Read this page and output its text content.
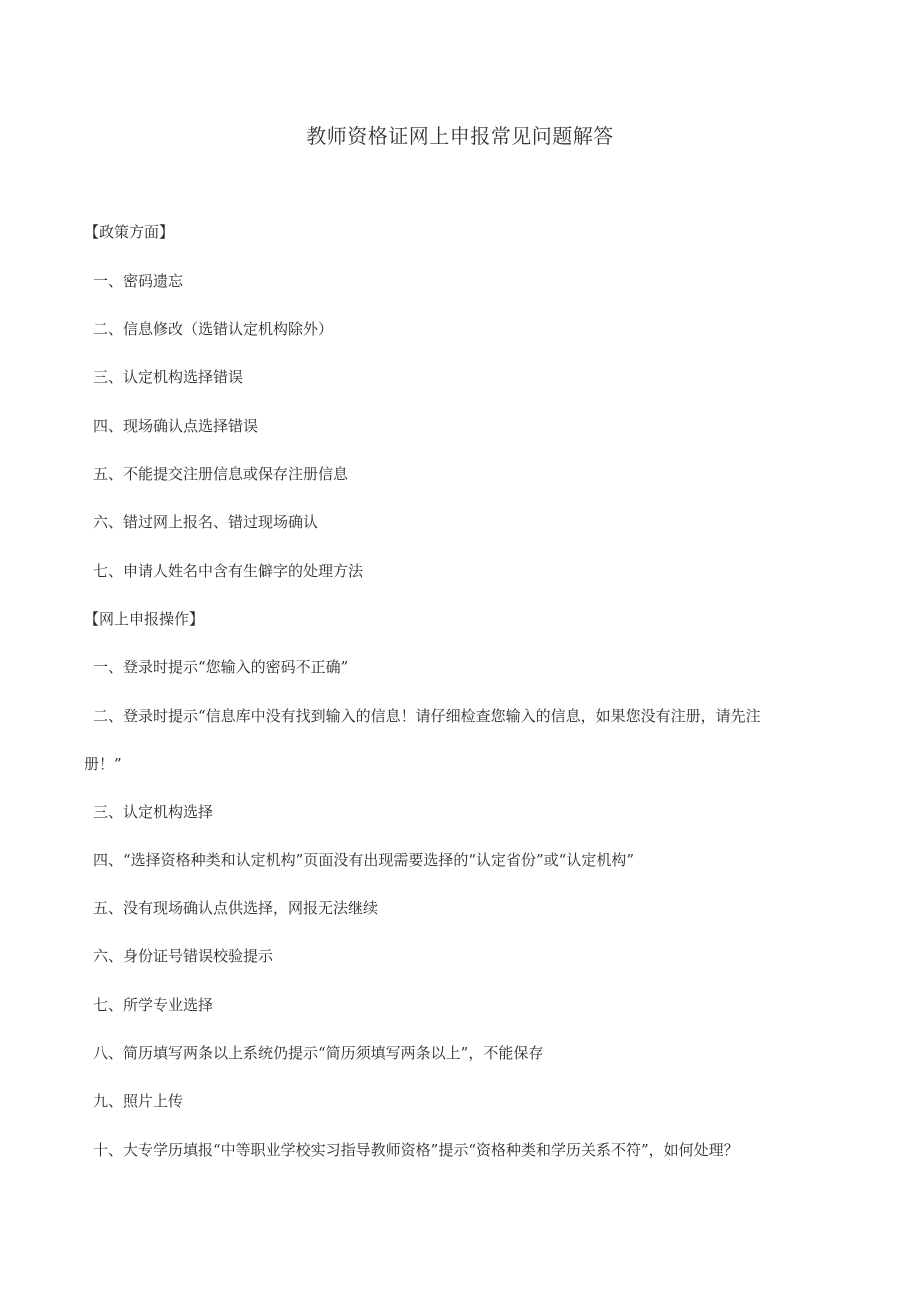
教师资格证网上申报常见问题解答
【政策方面】
一、密码遗忘
二、信息修改（选错认定机构除外）
三、认定机构选择错误
四、现场确认点选择错误
五、不能提交注册信息或保存注册信息
六、错过网上报名、错过现场确认
七、申请人姓名中含有生僻字的处理方法
【网上申报操作】
一、登录时提示“您输入的密码不正确”
二、登录时提示“信息库中没有找到输入的信息！请仔细检查您输入的信息，如果您没有注册，请先注
册！”
三、认定机构选择
四、“选择资格种类和认定机构”页面没有出现需要选择的“认定省份”或“认定机构”
五、没有现场确认点供选择，网报无法继续
六、身份证号错误校验提示
七、所学专业选择
八、简历填写两条以上系统仍提示“简历须填写两条以上”，不能保存
九、照片上传
十、大专学历填报“中等职业学校实习指导教师资格”提示“资格种类和学历关系不符”，如何处理？
